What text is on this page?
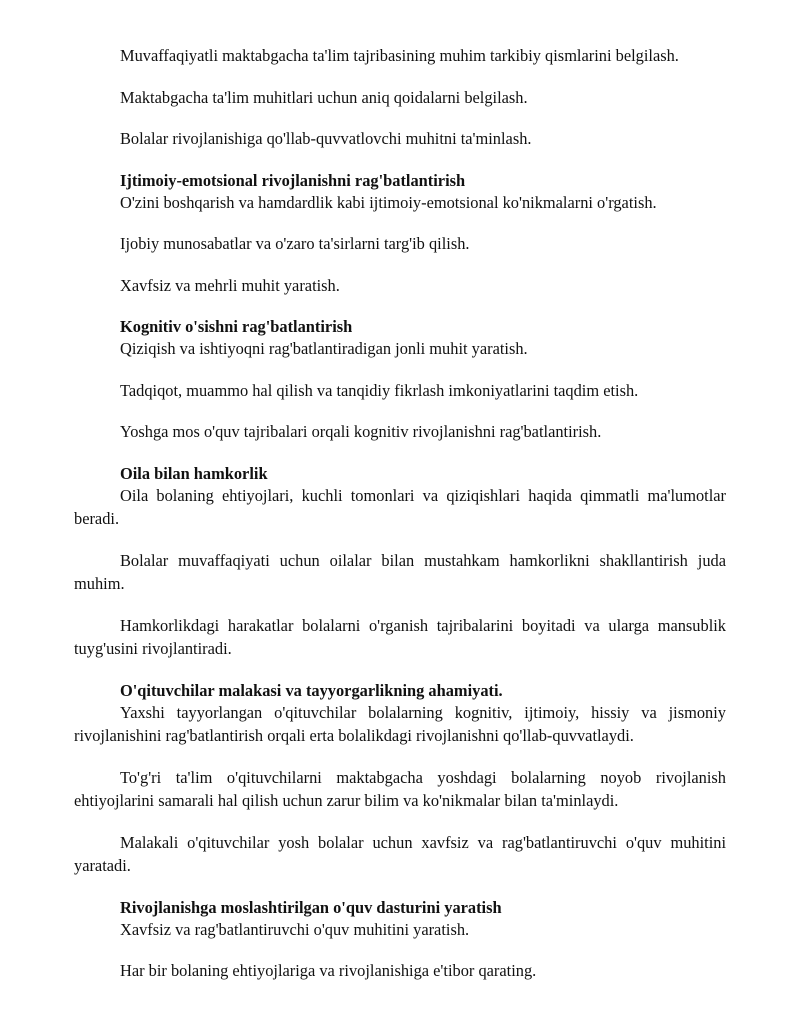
Muvaffaqiyatli maktabgacha ta'lim tajribasining muhim tarkibiy qismlarini belgilash.

Maktabgacha ta'lim muhitlari uchun aniq qoidalarni belgilash.

Bolalar rivojlanishiga qo'llab-quvvatlovchi muhitni ta'minlash.

Ijtimoiy-emotsional rivojlanishni rag'batlantirish

O'zini boshqarish va hamdardlik kabi ijtimoiy-emotsional ko'nikmalarni o'rgatish.

Ijobiy munosabatlar va o'zaro ta'sirlarni targ'ib qilish.

Xavfsiz va mehrli muhit yaratish.

Kognitiv o'sishni rag'batlantirish

Qiziqish va ishtiyoqni rag'batlantiradigan jonli muhit yaratish.

Tadqiqot, muammo hal qilish va tanqidiy fikrlash imkoniyatlarini taqdim etish.

Yoshga mos o'quv tajribalari orqali kognitiv rivojlanishni rag'batlantirish.

Oila bilan hamkorlik

Oila bolaning ehtiyojlari, kuchli tomonlari va qiziqishlari haqida qimmatli ma'lumotlar beradi.

Bolalar muvaffaqiyati uchun oilalar bilan mustahkam hamkorlikni shakllantirish juda muhim.

Hamkorlikdagi harakatlar bolalarni o'rganish tajribalarini boyitadi va ularga mansublik tuyg'usini rivojlantiradi.

O'qituvchilar malakasi va tayyorgarlikning ahamiyati.

Yaxshi tayyorlangan o'qituvchilar bolalarning kognitiv, ijtimoiy, hissiy va jismoniy rivojlanishini rag'batlantirish orqali erta bolalikdagi rivojlanishni qo'llab-quvvatlaydi.

To'g'ri ta'lim o'qituvchilarni maktabgacha yoshdagi bolalarning noyob rivojlanish ehtiyojlarini samarali hal qilish uchun zarur bilim va ko'nikmalar bilan ta'minlaydi.

Malakali o'qituvchilar yosh bolalar uchun xavfsiz va rag'batlantiruvchi o'quv muhitini yaratadi.

Rivojlanishga moslashtirilgan o'quv dasturini yaratish

Xavfsiz va rag'batlantiruvchi o'quv muhitini yaratish.

Har bir bolaning ehtiyojlariga va rivojlanishiga e'tibor qarating.
